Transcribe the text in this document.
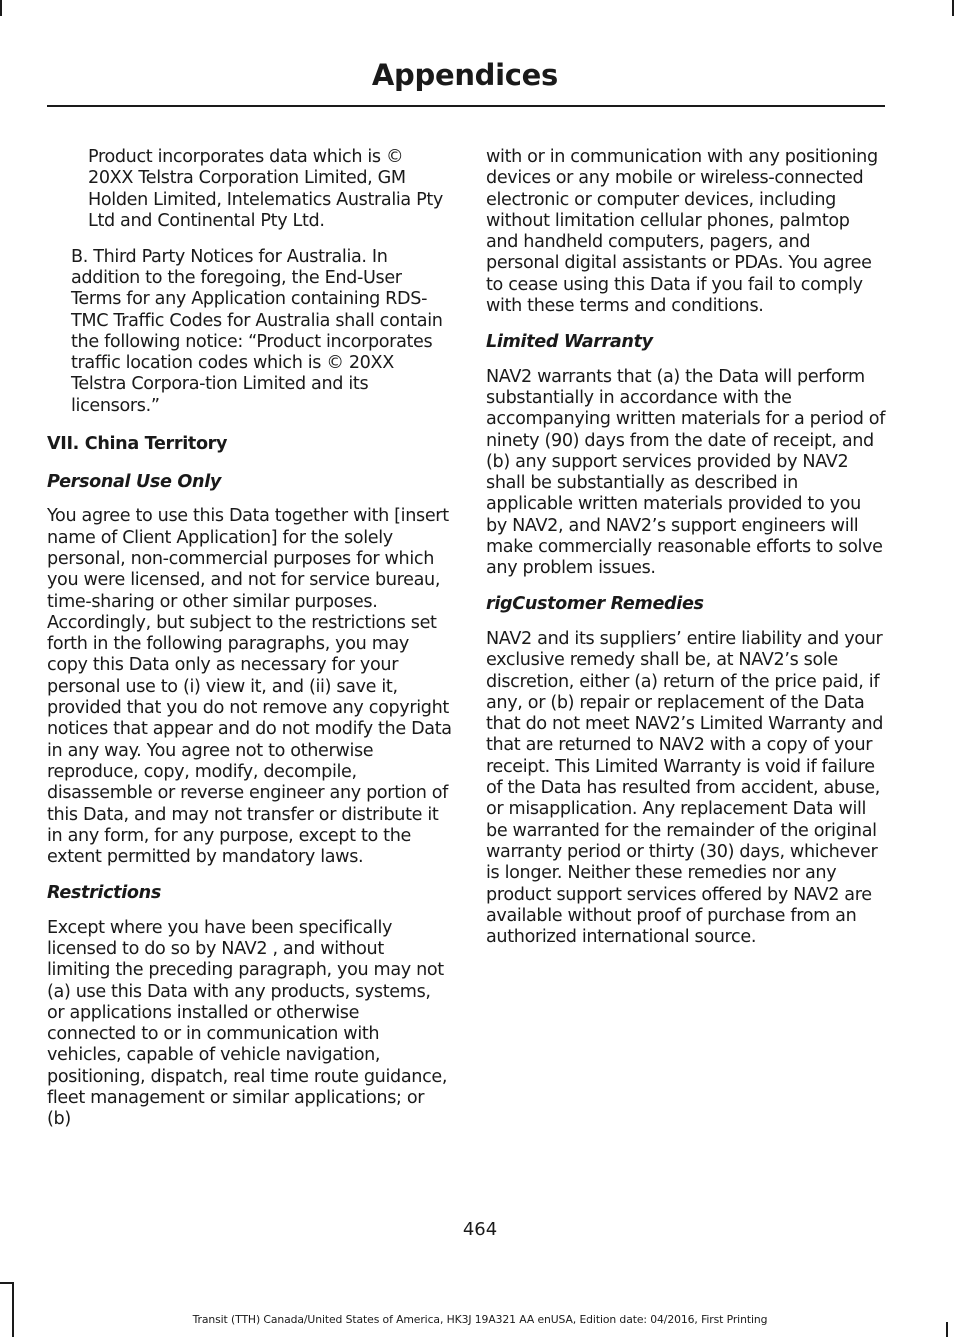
Appendices

Product incorporates data which is © 20XX Telstra Corporation Limited, GM Holden Limited, Intelematics Australia Pty Ltd and Continental Pty Ltd.

B. Third Party Notices for Australia. In addition to the foregoing, the End-User Terms for any Application containing RDS-TMC Traffic Codes for Australia shall contain the following notice: “Product incorporates traffic location codes which is © 20XX Telstra Corpora-tion Limited and its licensors.”

VII. China Territory
Personal Use Only

You agree to use this Data together with [insert name of Client Application] for the solely personal, non-commercial purposes for which you were licensed, and not for service bureau, time-sharing or other similar purposes. Accordingly, but subject to the restrictions set forth in the following paragraphs, you may copy this Data only as necessary for your personal use to (i) view it, and (ii) save it, provided that you do not remove any copyright notices that appear and do not modify the Data in any way. You agree not to otherwise reproduce, copy, modify, decompile, disassemble or reverse engineer any portion of this Data, and may not transfer or distribute it in any form, for any purpose, except to the extent permitted by mandatory laws.

Restrictions

Except where you have been specifically licensed to do so by NAV2 , and without limiting the preceding paragraph, you may not (a) use this Data with any products, systems, or applications installed or otherwise connected to or in communication with vehicles, capable of vehicle navigation, positioning, dispatch, real time route guidance, fleet management or similar applications; or (b)

with or in communication with any positioning devices or any mobile or wireless-connected electronic or computer devices, including without limitation cellular phones, palmtop and handheld computers, pagers, and personal digital assistants or PDAs. You agree to cease using this Data if you fail to comply with these terms and conditions.

Limited Warranty

NAV2 warrants that (a) the Data will perform substantially in accordance with the accompanying written materials for a period of ninety (90) days from the date of receipt, and (b) any support services provided by NAV2 shall be substantially as described in applicable written materials provided to you by NAV2, and NAV2’s support engineers will make commercially reasonable efforts to solve any problem issues.

rigCustomer Remedies

NAV2 and its suppliers’ entire liability and your exclusive remedy shall be, at NAV2’s sole discretion, either (a) return of the price paid, if any, or (b) repair or replacement of the Data that do not meet NAV2’s Limited Warranty and that are returned to NAV2 with a copy of your receipt. This Limited Warranty is void if failure of the Data has resulted from accident, abuse, or misapplication. Any replacement Data will be warranted for the remainder of the original warranty period or thirty (30) days, whichever is longer. Neither these remedies nor any product support services offered by NAV2 are available without proof of purchase from an authorized international source.

464
Transit (TTH) Canada/United States of America, HK3J 19A321 AA enUSA, Edition date: 04/2016, First Printing
